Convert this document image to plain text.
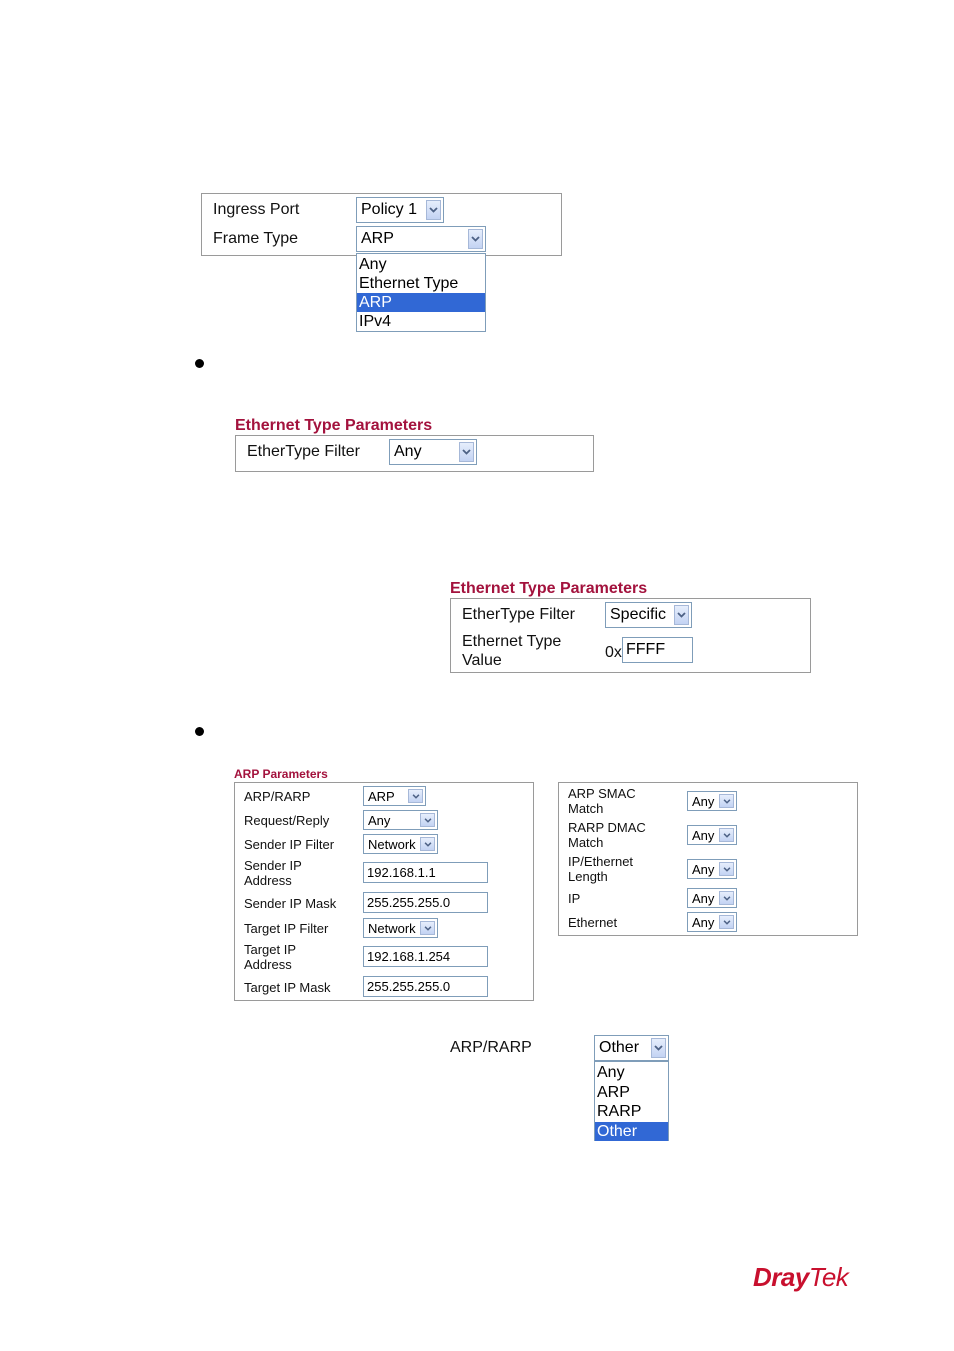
Ingress Port	Policy 1
Frame Type	ARP
Any
Ethernet Type
ARP
IPv4
Ethernet Type Parameters
EtherType Filter Any
Ethernet Type Parameters
EtherType Filter Specific
Ethernet Type
Value	0x FFFF
ARP Parameters
ARP/RARP	ARP
Request/Reply	Any
Sender IP Filter	Network
Sender IP
Address
192.168.1.1
Sender IP Mask	255.255.255.0
Target IP Filter	Network
Target IP
Address
192.168.1.254
Target IP Mask	255.255.255.0
ARP SMAC
Match	Any
RARP DMAC
Match	Any
IP/Ethernet
Length	Any
IP	Any
Ethernet	Any
ARP/RARP	Other
Any
ARP
RARP
Other
DrayTek
